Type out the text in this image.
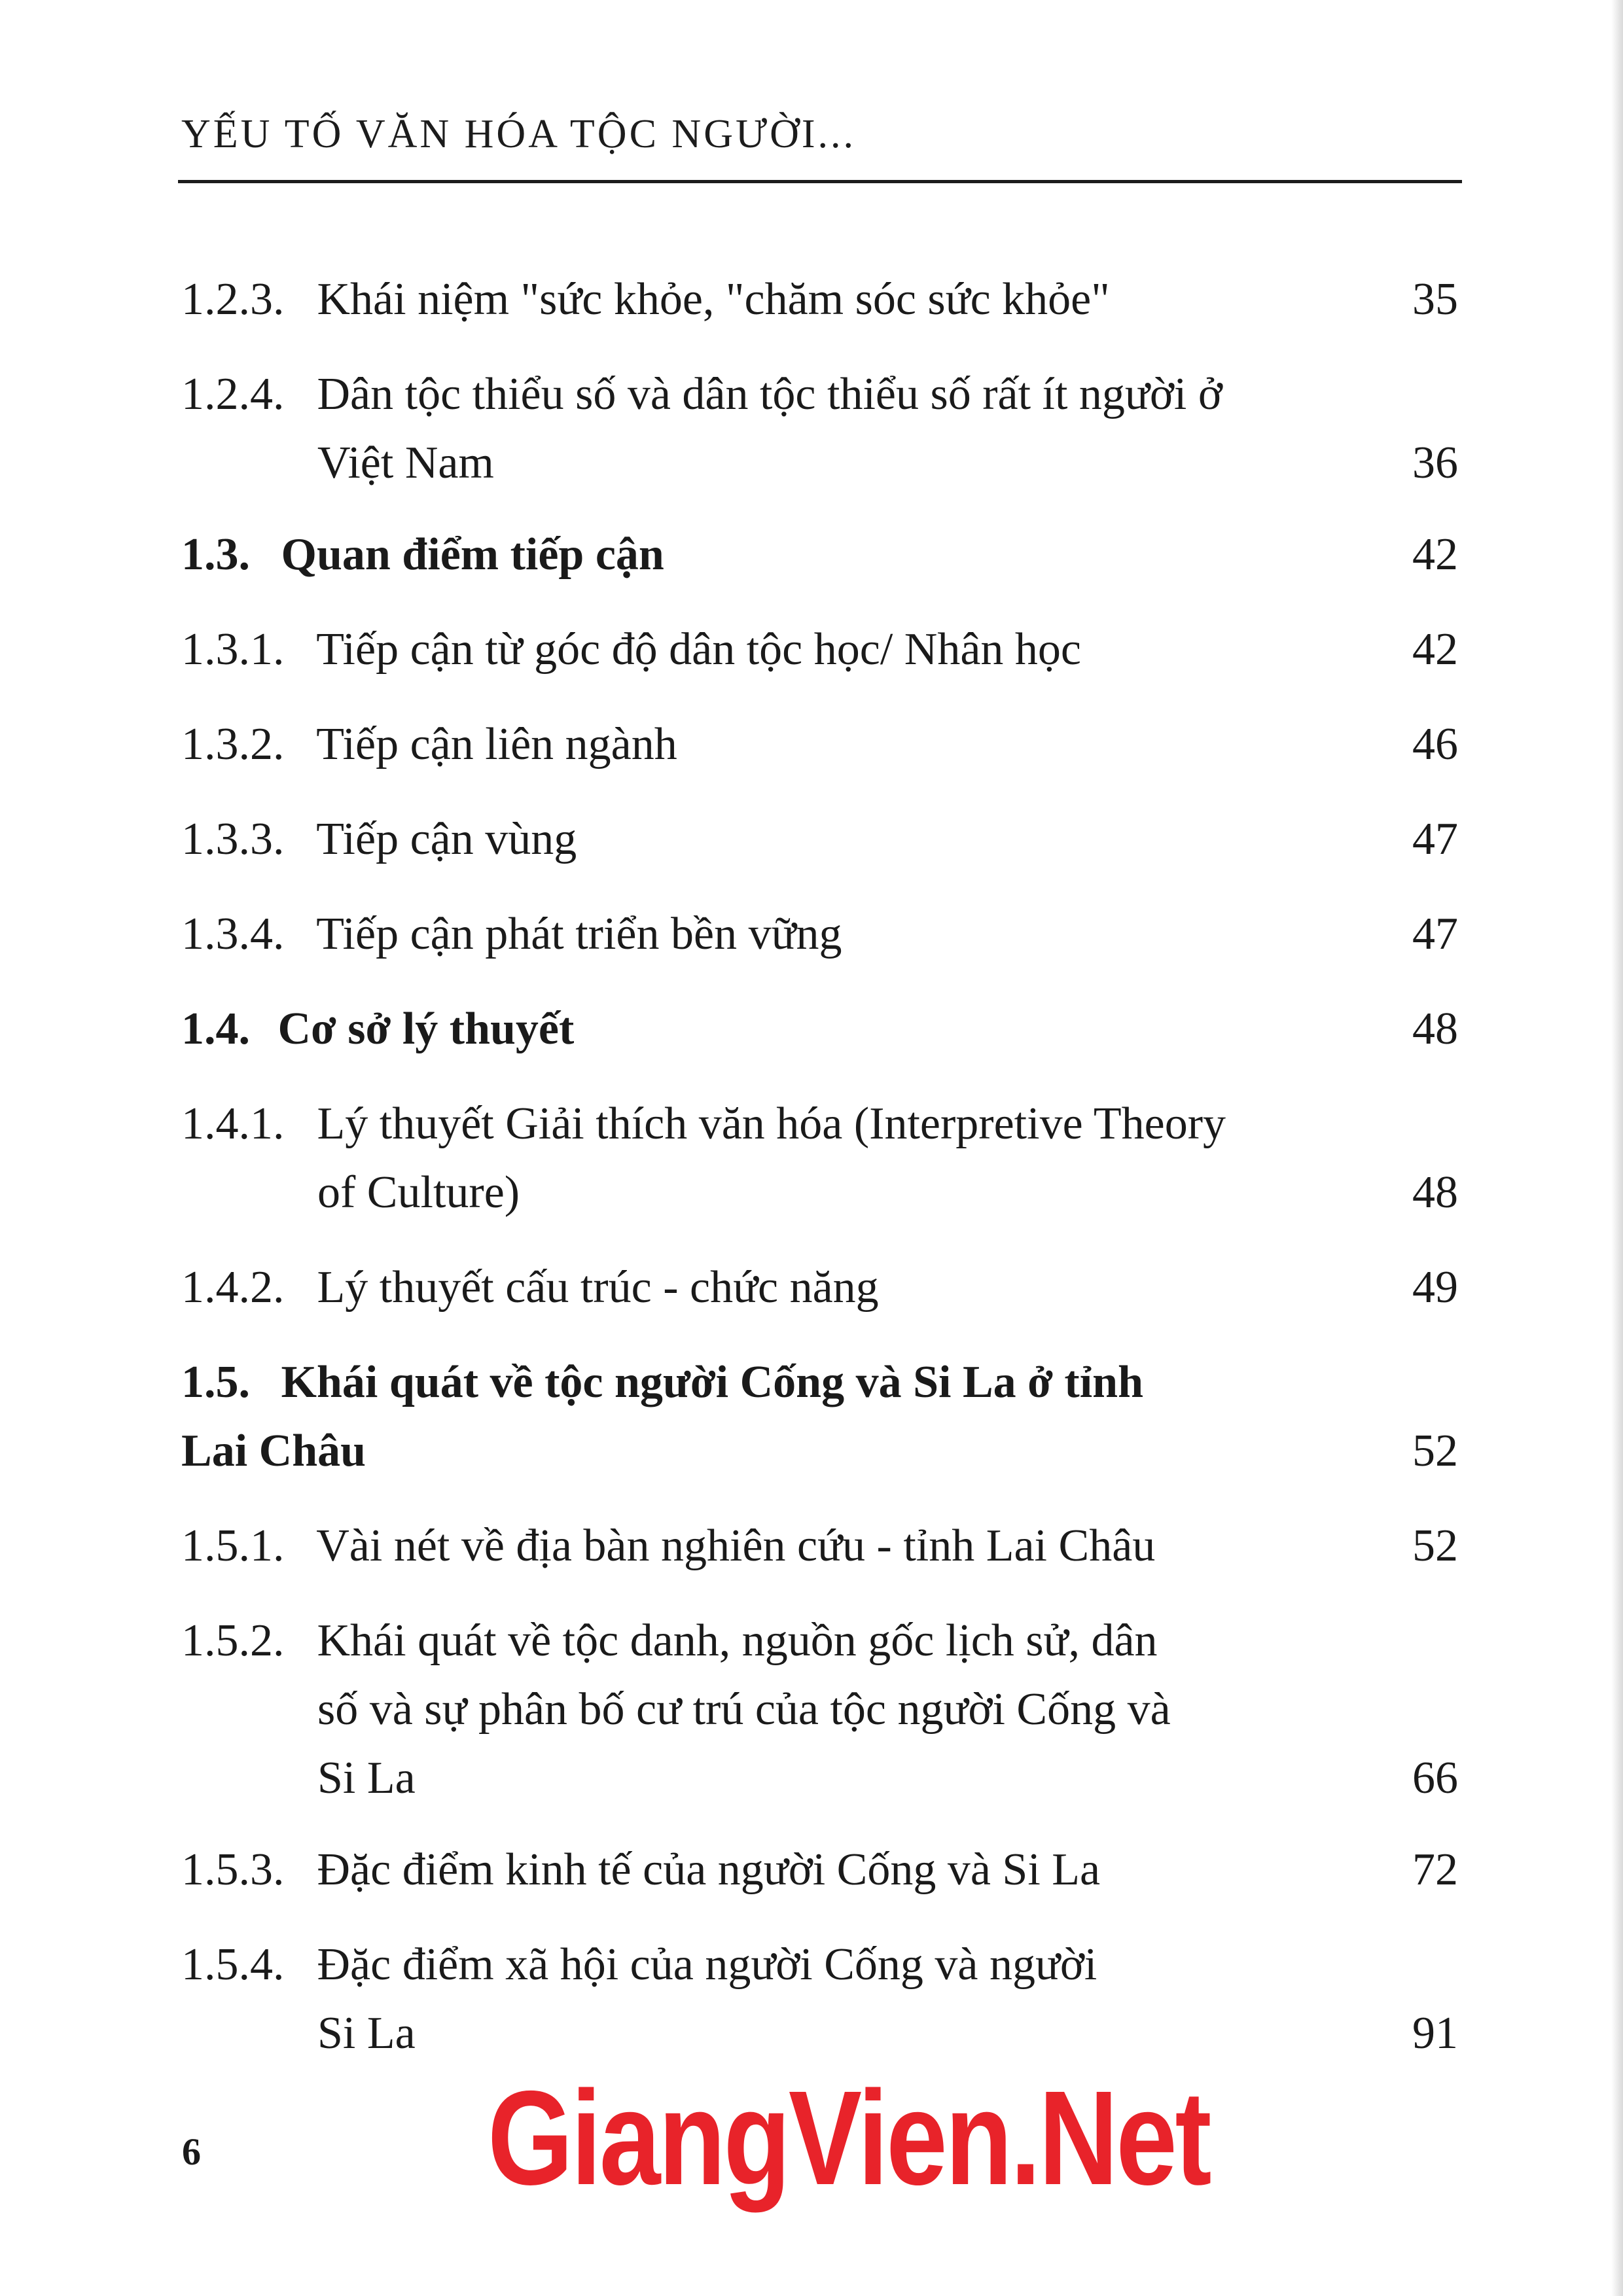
YẾU TỐ VĂN HÓA TỘC NGƯỜI...
1.2.3. Khái niệm "sức khỏe, "chăm sóc sức khỏe"	35
1.2.4. Dân tộc thiểu số và dân tộc thiểu số rất ít người ở
Việt Nam	36
1.3. Quan điểm tiếp cận	42
1.3.1. Tiếp cận từ góc độ dân tộc học/ Nhân học	42
1.3.2. Tiếp cận liên ngành	46
1.3.3. Tiếp cận vùng	47
1.3.4. Tiếp cận phát triển bền vững	47
1.4. Cơ sở lý thuyết	48
1.4.1. Lý thuyết Giải thích văn hóa (Interpretive Theory
of Culture)	48
1.4.2. Lý thuyết cấu trúc - chức năng	49
1.5. Khái quát về tộc người Cống và Si La ở tỉnh
Lai Châu	52
1.5.1. Vài nét về địa bàn nghiên cứu - tỉnh Lai Châu	52
1.5.2. Khái quát về tộc danh, nguồn gốc lịch sử, dân
số và sự phân bố cư trú của tộc người Cống và
Si La	66
1.5.3. Đặc điểm kinh tế của người Cống và Si La	72
1.5.4. Đặc điểm xã hội của người Cống và người
Si La	91
6 GiangVien.Net
